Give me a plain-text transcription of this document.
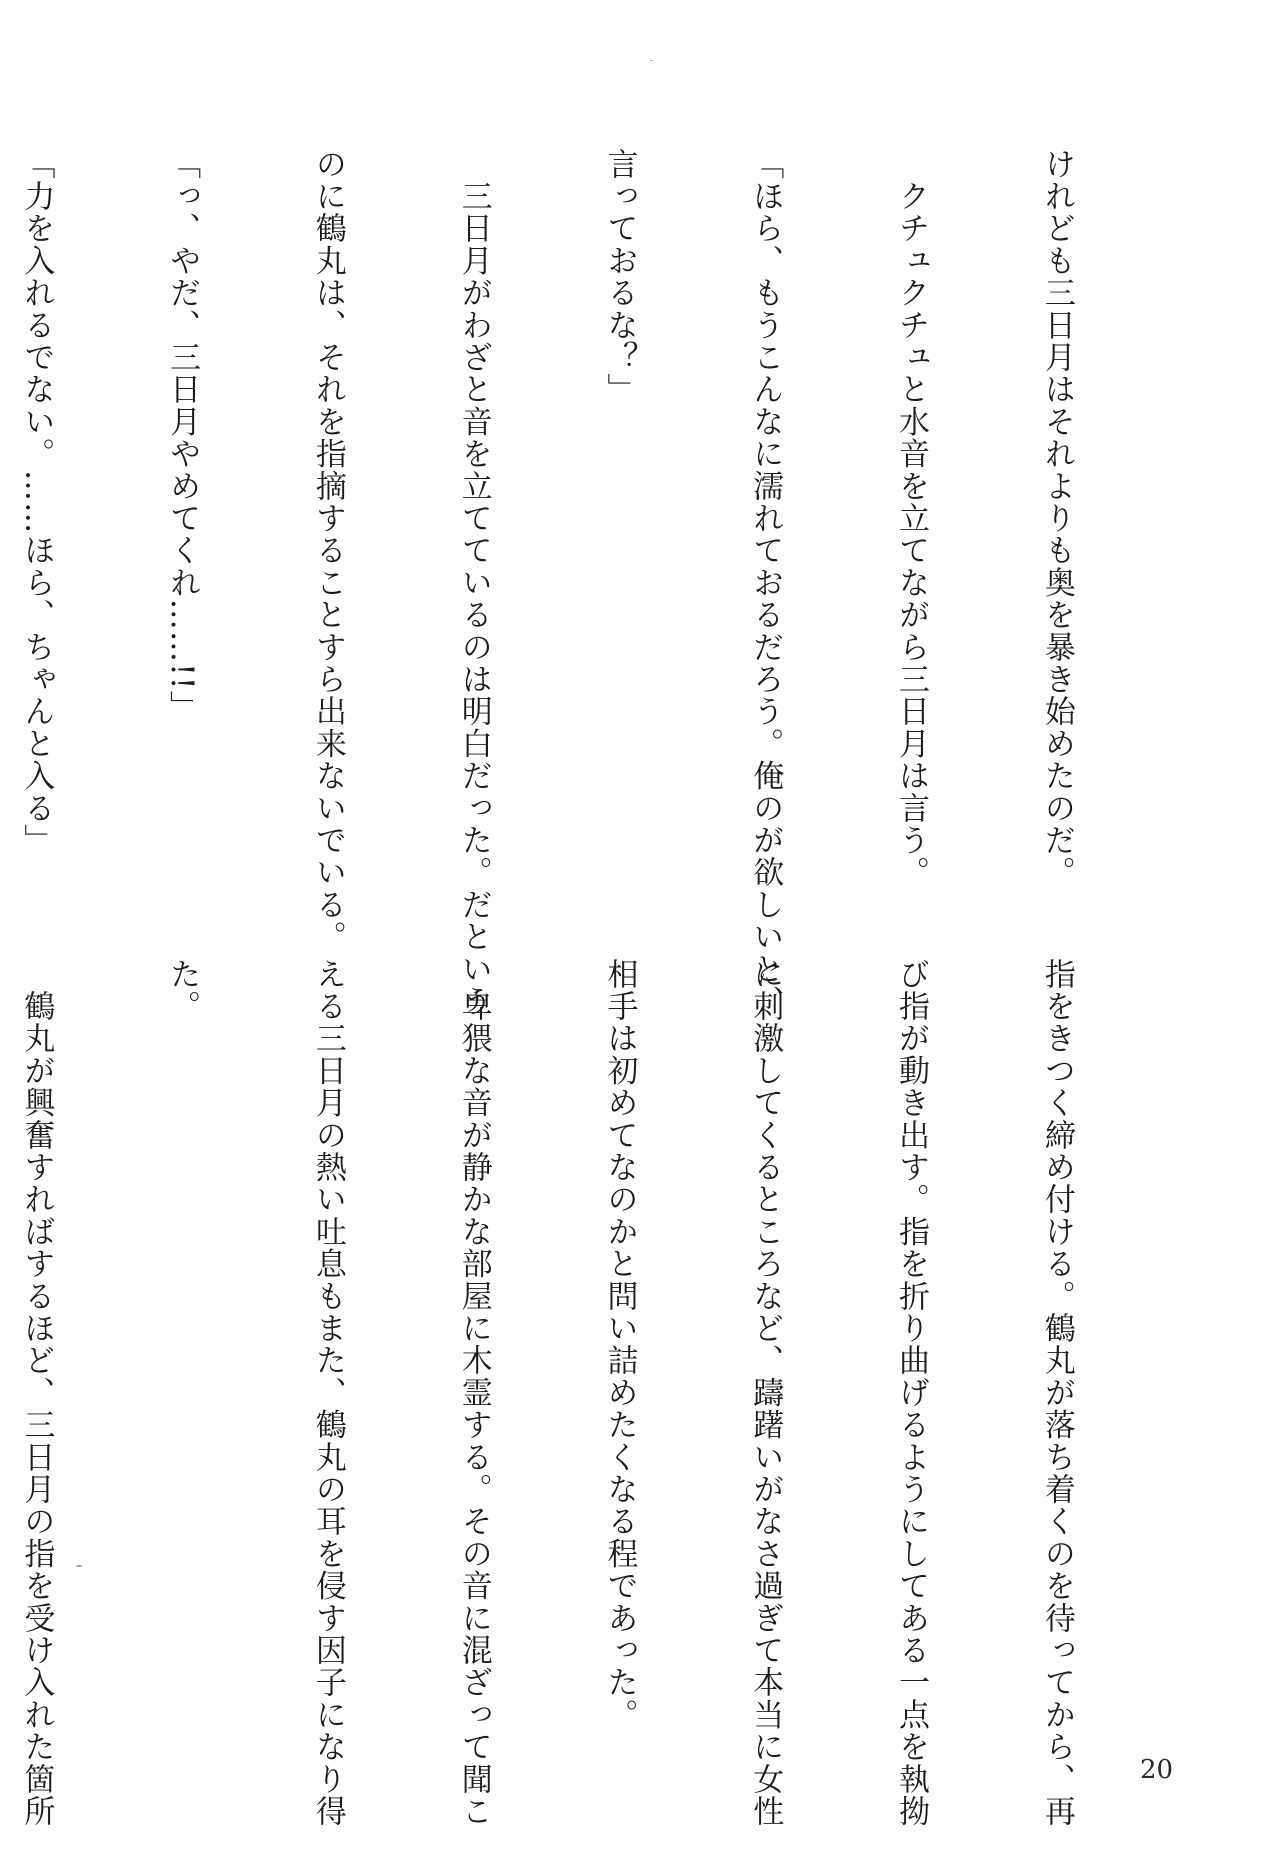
けれども三日月はそれよりも奥を暴き始めたのだ。

　クチュクチュと水音を立てながら三日月は言う。

「ほら、もうこんなに濡れておるだろう。俺のが欲しいと、

言っておるな？」

　三日月がわざと音を立てているのは明白だった。だという

のに鶴丸は、それを指摘することすら出来ないでいる。

「っ、やだ、三日月やめてくれ……!!」

「力を入れるでない。……ほら、ちゃんと入る」

指をきつく締め付ける。鶴丸が落ち着くのを待ってから、再

び指が動き出す。指を折り曲げるようにしてある一点を執拗

に刺激してくるところなど、躊躇いがなさ過ぎて本当に女性

相手は初めてなのかと問い詰めたくなる程であった。

　卑猥な音が静かな部屋に木霊する。その音に混ざって聞こ

える三日月の熱い吐息もまた、鶴丸の耳を侵す因子になり得

た。

　鶴丸が興奮すればするほど、三日月の指を受け入れた箇所

	20
